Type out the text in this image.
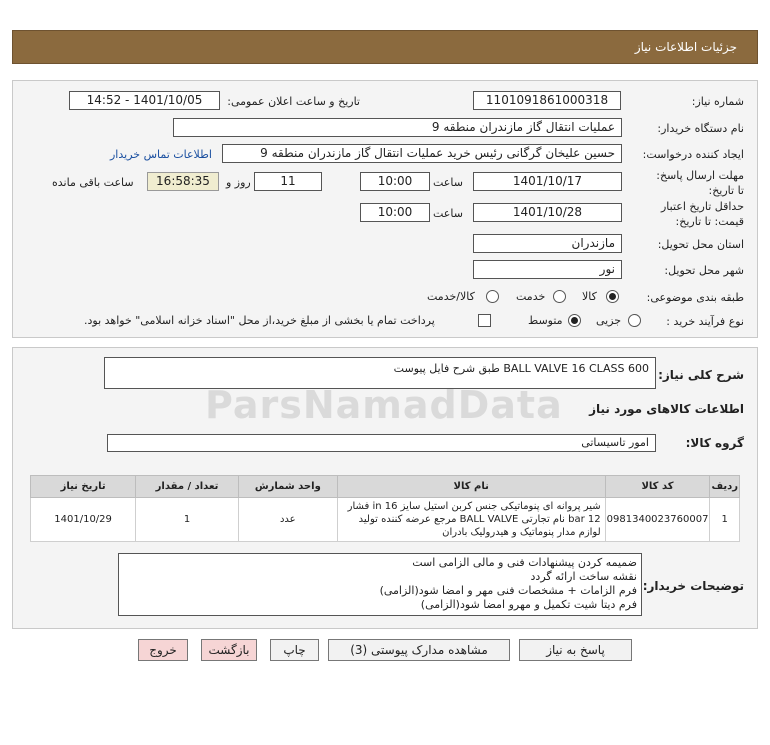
جزئیات اطلاعات نیاز
شماره نیاز:
1101091861000318
تاریخ و ساعت اعلان عمومی:
1401/10/05 - 14:52
نام دستگاه خریدار:
عملیات انتقال گاز مازندران منطقه 9
ایجاد کننده درخواست:
حسین علیخان گرگانی رئیس خرید عملیات انتقال گاز مازندران منطقه 9
اطلاعات تماس خریدار
مهلت ارسال پاسخ: تا تاریخ:
1401/10/17
ساعت
10:00
11
روز و
16:58:35
ساعت باقی مانده
حداقل تاریخ اعتبار قیمت: تا تاریخ:
1401/10/28
ساعت
10:00
استان محل تحویل:
مازندران
شهر محل تحویل:
نور
طبقه بندی موضوعی:
کالا
خدمت
کالا/خدمت
نوع فرآیند خرید :
جزیی
متوسط
پرداخت تمام یا بخشی از مبلغ خرید،از محل "اسناد خزانه اسلامی" خواهد بود.
شرح کلی نیاز:
BALL VALVE 16 CLASS 600 طبق شرح فایل پیوست
اطلاعات کالاهای مورد نیاز
گروه کالا:
امور تاسیساتی
ردیف	کد کالا	نام کالا	واحد شمارش	تعداد / مقدار	تاریخ نیاز
1	0981340023760007	شیر پروانه ای پنوماتیکی جنس کربن استیل سایز 16 in فشار 12 bar نام تجارتی BALL VALVE مرجع عرضه کننده تولید لوازم مدار پنوماتیک و هیدرولیک بادران	عدد	1	1401/10/29
توضیحات خریدار:
ضمیمه کردن پیشنهادات فنی و مالی الزامی است
نقشه ساخت ارائه گردد
فرم الزامات + مشخصات فنی مهر و امضا شود(الزامی)
فرم دیتا شیت تکمیل و مهرو امضا شود(الزامی)
پاسخ به نیاز
مشاهده مدارک پیوستی (3)
چاپ
بازگشت
خروج
ParsNamadData
